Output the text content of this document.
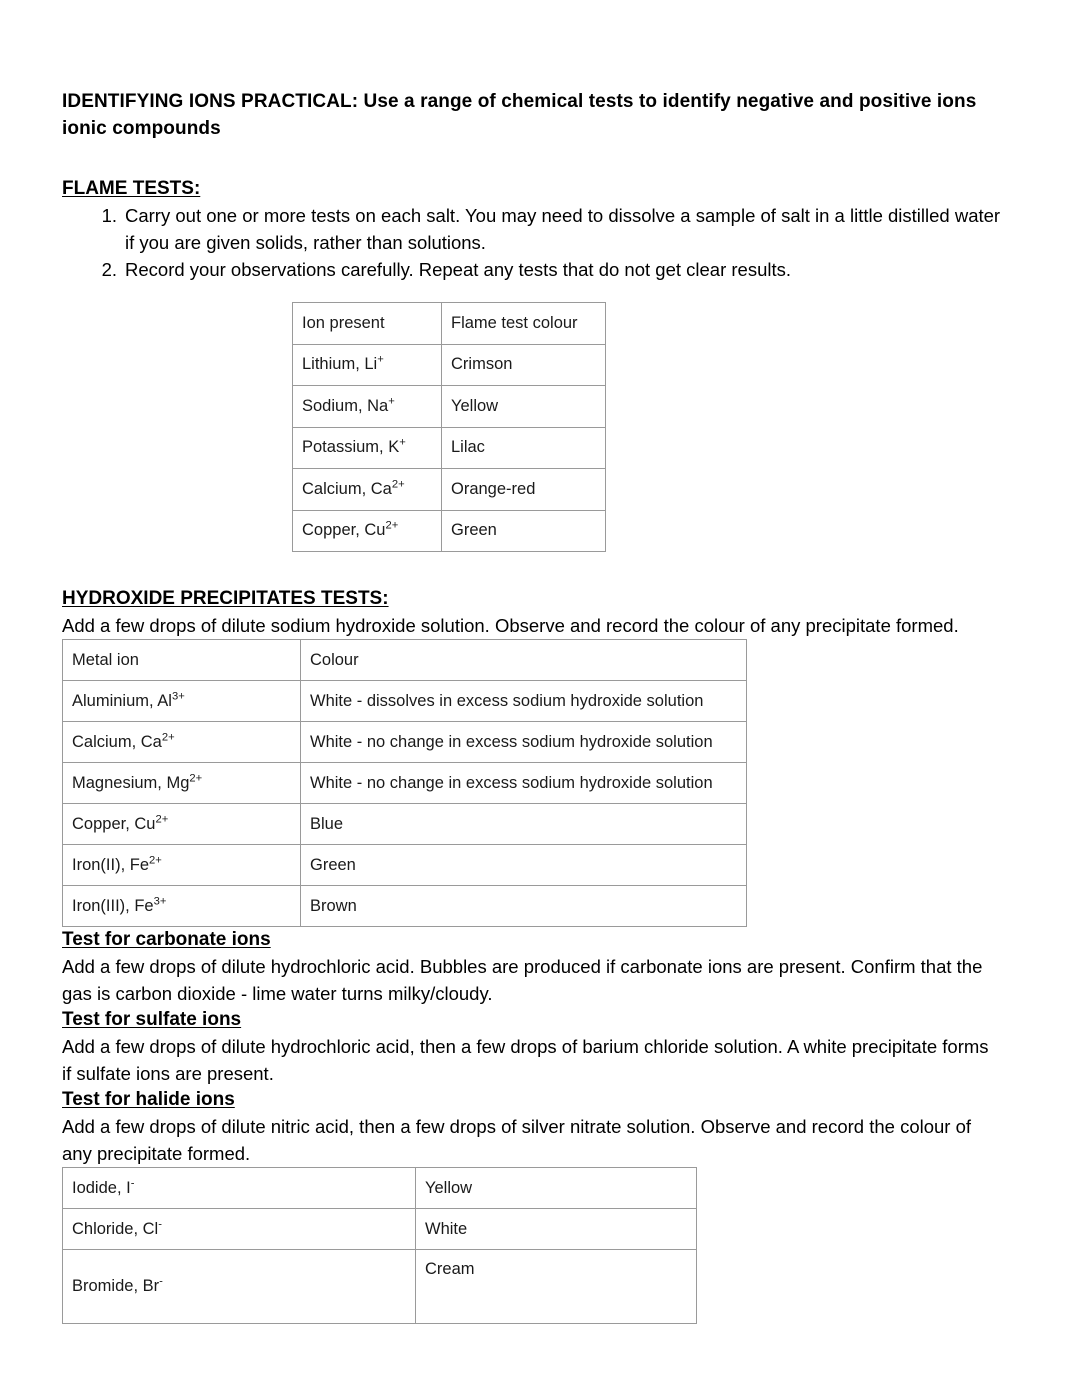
IDENTIFYING IONS PRACTICAL: Use a range of chemical tests to identify negative and positive ions ionic compounds
FLAME TESTS:
1. Carry out one or more tests on each salt. You may need to dissolve a sample of salt in a little distilled water if you are given solids, rather than solutions.
2. Record your observations carefully. Repeat any tests that do not get clear results.
Ion present	Flame test colour
Lithium, Li+	Crimson
Sodium, Na+	Yellow
Potassium, K+	Lilac
Calcium, $Ca^{2+}$	Orange-red
Copper, $Cu^{2+}$	Green
HYDROXIDE PRECIPITATES TESTS:

Add a few drops of dilute sodium hydroxide solution. Observe and record the colour of any precipitate formed.

Metal ion	Colour
Aluminium, $Al^{3+}$	White - dissolves in excess sodium hydroxide solution
Calcium, $Ca^{2+}$	White - no change in excess sodium hydroxide solution
Magnesium, $Mg^{2+}$	White - no change in excess sodium hydroxide solution
Copper, $Cu^{2+}$	Blue
Iron(II), $Fe^{2+}$	Green
Iron(III), $Fe^{3+}$	Brown
Test for carbonate ions

Add a few drops of dilute hydrochloric acid. Bubbles are produced if carbonate ions are present. Confirm that the gas is carbon dioxide - lime water turns milky/cloudy.

Test for sulfate ions

Add a few drops of dilute hydrochloric acid, then a few drops of barium chloride solution. A white precipitate forms if sulfate ions are present.

Test for halide ions

Add a few drops of dilute nitric acid, then a few drops of silver nitrate solution. Observe and record the colour of any precipitate formed.

Iodide, I-	Yellow
Chloride, Cl-	White
Bromide, Br-	Cream
